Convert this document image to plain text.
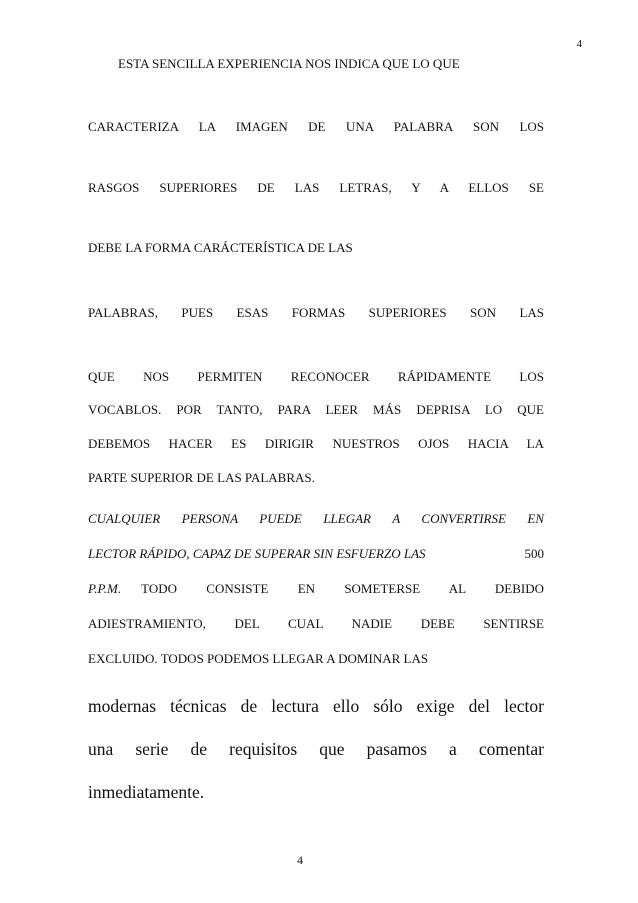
4
ESTA SENCILLA EXPERIENCIA NOS INDICA QUE LO QUE
CARACTERIZA LA IMAGEN DE UNA PALABRA SON LOS
RASGOS SUPERIORES DE LAS LETRAS, Y A ELLOS SE
DEBE LA FORMA CARÁCTERÍSTICA DE LAS
PALABRAS, PUES ESAS FORMAS SUPERIORES SON LAS
QUE NOS PERMITEN RECONOCER RÁPIDAMENTE LOS
VOCABLOS. POR TANTO, PARA LEER MÁS DEPRISA LO QUE
DEBEMOS HACER ES DIRIGIR NUESTROS OJOS HACIA LA
PARTE SUPERIOR DE LAS PALABRAS.
CUALQUIER PERSONA PUEDE LLEGAR A CONVERTIRSE EN
LECTOR RÁPIDO, CAPAZ DE SUPERAR SIN ESFUERZO LAS	500
P.P.M. TODO CONSISTE EN SOMETERSE AL DEBIDO
ADIESTRAMIENTO, DEL CUAL NADIE DEBE SENTIRSE
EXCLUIDO. TODOS PODEMOS LLEGAR A DOMINAR LAS
modernas técnicas de lectura ello sólo exige del lector
una serie de requisitos que pasamos a comentar
inmediatamente.
4
